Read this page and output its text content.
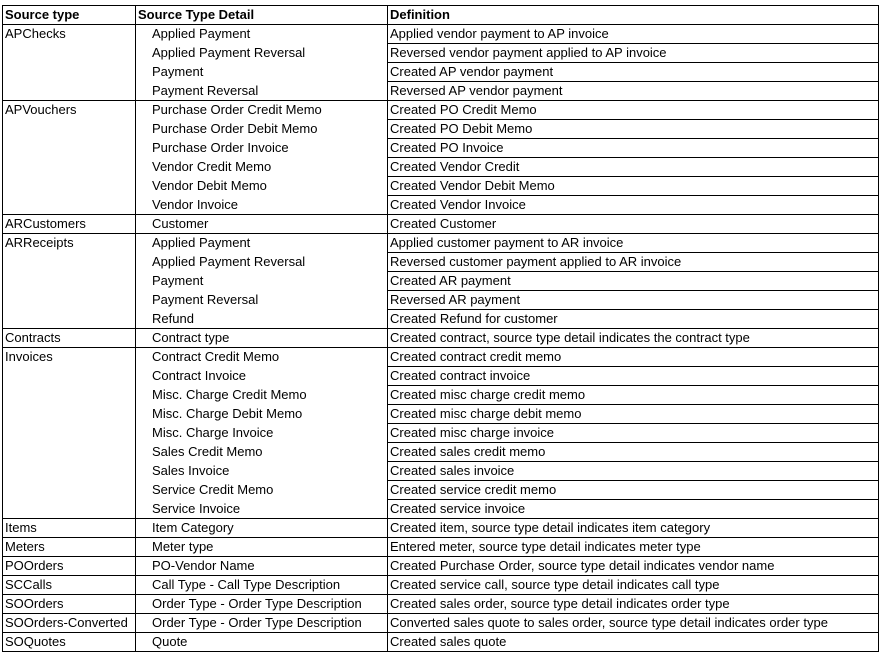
Source type	Source Type Detail	Definition
APChecks	Applied Payment	Applied vendor payment to AP invoice
	Applied Payment Reversal	Reversed vendor payment applied to AP invoice
	Payment	Created AP vendor payment
	Payment Reversal	Reversed AP vendor payment
APVouchers	Purchase Order Credit Memo	Created PO Credit Memo
	Purchase Order Debit Memo	Created PO Debit Memo
	Purchase Order Invoice	Created PO Invoice
	Vendor Credit Memo	Created Vendor Credit
	Vendor Debit Memo	Created Vendor Debit Memo
	Vendor Invoice	Created Vendor Invoice
ARCustomers	Customer	Created Customer
ARReceipts	Applied Payment	Applied customer payment to AR invoice
	Applied Payment Reversal	Reversed customer payment applied to AR invoice
	Payment	Created AR payment
	Payment Reversal	Reversed AR payment
	Refund	Created Refund for customer
Contracts	Contract type	Created contract, source type detail indicates the contract type
Invoices	Contract Credit Memo	Created contract credit memo
	Contract Invoice	Created contract invoice
	Misc. Charge Credit Memo	Created misc charge credit memo
	Misc. Charge Debit Memo	Created misc charge debit memo
	Misc. Charge Invoice	Created misc charge invoice
	Sales Credit Memo	Created sales credit memo
	Sales Invoice	Created sales invoice
	Service Credit Memo	Created service credit memo
	Service Invoice	Created service invoice
Items	Item Category	Created item, source type detail indicates item category
Meters	Meter type	Entered meter, source type detail indicates meter type
POOrders	PO-Vendor Name	Created Purchase Order, source type detail indicates vendor name
SCCalls	Call Type - Call Type Description	Created service call, source type detail indicates call type
SOOrders	Order Type - Order Type Description	Created sales order, source type detail indicates order type
SOOrders-Converted	Order Type - Order Type Description	Converted sales quote to sales order, source type detail indicates order type
SOQuotes	Quote	Created sales quote
